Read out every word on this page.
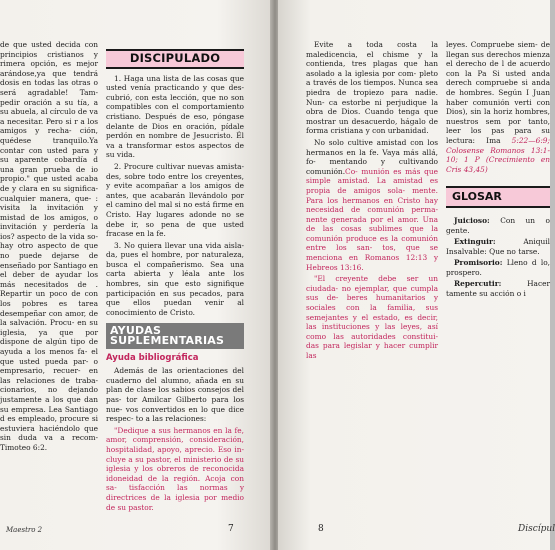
de que usted decida con principios cristianos y rimera opción, es mejor arándose,ya que tendrá dosis en todas las otras o será agradable! Tam- pedir oración a su tía, a su abuela, al círculo de va a necesitar. Pero si r a los amigos y recha- ción, quédese tranquilo.Ya contar con usted para y su aparente cobardía d una gran prueba de io propio." que usted acaba de y clara en su significa- cualquier manera, que- : visita la invitación y mistad de los amigos, o invitación y perdería la ios? aspecto de la vida so- hay otro aspecto de que no puede dejarse de enseñado por Santiago en el deber de ayudar los más necesitados de . Repartir un poco de con los pobres es tarea desempeñar con amor, de la salvación. Procu- en su iglesia, ya que por dispone de algún tipo de ayuda a los menos fa- el que usted pueda par- o empresario, recuer- en las relaciones de traba- cionarios, no dejando justamente a los que dan su empresa. Lea Santiago d es empleado, procure si estuviera haciéndolo que sin duda va a recom- Timoteo 6:2.

DISCIPULADO

1. Haga una lista de las cosas que usted venía practicando y que des- cubrió, con esta lección, que no son compatibles con el comportamiento cristiano. Después de eso, póngase delante de Dios en oración, pídale perdón en nombre de Jesucristo. Él va a transformar estos aspectos de su vida.

2. Procure cultivar nuevas amista- des, sobre todo entre los creyentes, y evite acompañar a los amigos de antes, que acabarán llevándolo por el camino del mal si no está firme en Cristo. Hay lugares adonde no se debe ir, so pena de que usted fracase en la fe.

3. No quiera llevar una vida aisla- da, pues el hombre, por naturaleza, busca el compañerismo. Sea una carta abierta y léala ante los hombres, sin que esto signifique participación en sus pecados, para que ellos puedan venir al conocimiento de Cristo.

AYUDAS SUPLEMENTARIAS
Ayuda bibliográfica

Además de las orientaciones del cuaderno del alumno, añada en su plan de clase los sabios consejos del pas- tor Amilcar Gilberto para los nue- vos convertidos en lo que dice respec- to a las relaciones:

"Dedique a sus hermanos en la fe, amor, comprensión, consideración, hospitalidad, apoyo, aprecio. Eso in- cluye a su pastor, el ministerio de su iglesia y los obreros de reconocida idoneidad de la región. Acoja con sa- tisfacción las normas y directrices de la iglesia por medio de su pastor.

Maestro 2	7

Evite a toda costa la maledicencia, el chisme y la contienda, tres plagas que han asolado a la iglesia por com- pleto a través de los tiempos. Nunca sea piedra de tropiezo para nadie. Nun- ca estorbe ni perjudique la obra de Dios. Cuando tenga que mostrar un desacuerdo, hágalo de forma cristiana y con urbanidad.

No solo cultive amistad con los hermanos en la fe. Vaya más allá, fo- mentando y cultivando comunión.Co- munión es más que simple amistad. La amistad es propia de amigos sola- mente. Para los hermanos en Cristo hay necesidad de comunión perma- nente generada por el amor. Una de las cosas sublimes que la comunión produce es la comunión entre los san- tos, que se menciona en Romanos 12:13 y Hebreos 13:16.

"El creyente debe ser un ciudada- no ejemplar, que cumpla sus de- beres humanitarios y sociales con la familia, sus semejantes y el estado, es decir, las instituciones y las leyes, así como las autoridades constitui- das para legislar y hacer cumplir las

leyes. Compruebe siem- de llegan sus derechos mienza el derecho de l de acuerdo con la Pa Si usted anda derech compruebe si anda de hombres. Según I Juan haber comunión verti con Dios), sin la horiz hombres, nuestros sem por tanto, leer los pas para su lectura: Ima 5:22—6:9; Colosense Romanos 13:1-10; 1 P (Crecimiento en Cris 43,45)

GLOSAR

Juicioso: Con un o gente.

Extinguir: Aniquil Insalvable: Que no tarse.

Promisorio: Lleno d lo, prospero.

Repercutir: Hacer tamente su acción o i

8	Discípul
